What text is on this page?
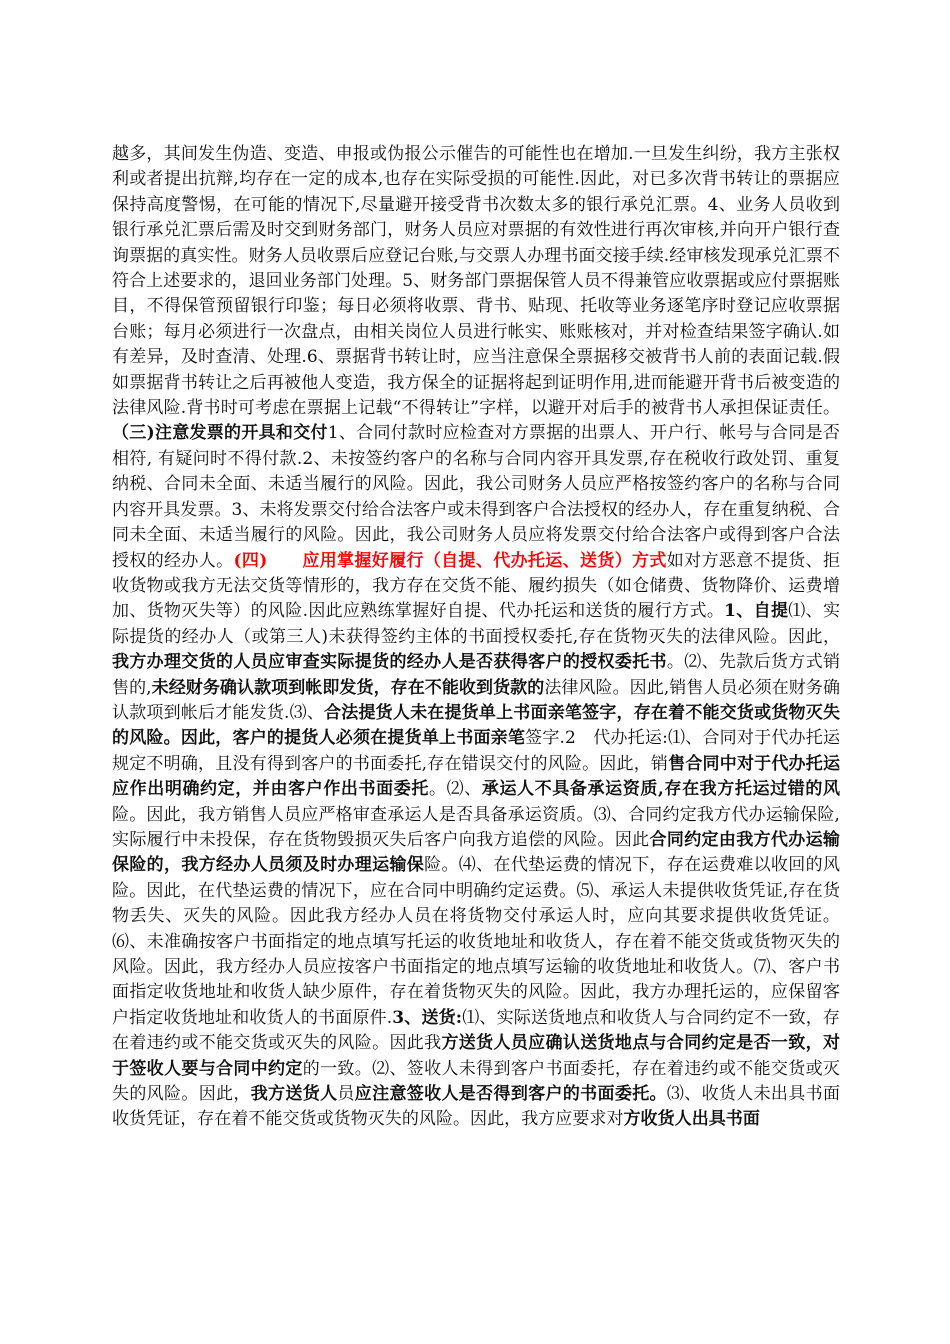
越多，其间发生伪造、变造、申报或伪报公示催告的可能性也在增加.一旦发生纠纷，我方主张权利或者提出抗辩,均存在一定的成本,也存在实际受损的可能性.因此，对已多次背书转让的票据应保持高度警惕，在可能的情况下,尽量避开接受背书次数太多的银行承兑汇票。4、业务人员收到银行承兑汇票后需及时交到财务部门，财务人员应对票据的有效性进行再次审核,并向开户银行查询票据的真实性。财务人员收票后应登记台账,与交票人办理书面交接手续.经审核发现承兑汇票不符合上述要求的，退回业务部门处理。5、财务部门票据保管人员不得兼管应收票据或应付票据账目，不得保管预留银行印鉴；每日必须将收票、背书、贴现、托收等业务逐笔序时登记应收票据台账；每月必须进行一次盘点，由相关岗位人员进行帐实、账账核对，并对检查结果签字确认.如有差异，及时查清、处理.6、票据背书转让时，应当注意保全票据移交被背书人前的表面记载.假如票据背书转让之后再被他人变造，我方保全的证据将起到证明作用,进而能避开背书后被变造的法律风险.背书时可考虑在票据上记载“不得转让”字样，以避开对后手的被背书人承担保证责任。（三)注意发票的开具和交付1、合同付款时应检查对方票据的出票人、开户行、帐号与合同是否相符, 有疑问时不得付款.2、未按签约客户的名称与合同内容开具发票,存在税收行政处罚、重复纳税、合同未全面、未适当履行的风险。因此，我公司财务人员应严格按签约客户的名称与合同内容开具发票。3、未将发票交付给合法客户或未得到客户合法授权的经办人，存在重复纳税、合同未全面、未适当履行的风险。因此，我公司财务人员应将发票交付给合法客户或得到客户合法授权的经办人。(四)　　应用掌握好履行（自提、代办托运、送货）方式如对方恶意不提货、拒收货物或我方无法交货等情形的，我方存在交货不能、履约损失（如仓储费、货物降价、运费增加、货物灭失等）的风险.因此应熟练掌握好自提、代办托运和送货的履行方式。1、自提⑴、实际提货的经办人（或第三人)未获得签约主体的书面授权委托,存在货物灭失的法律风险。因此，我方办理交货的人员应审查实际提货的经办人是否获得客户的授权委托书。⑵、先款后货方式销售的,未经财务确认款项到帐即发货，存在不能收到货款的法律风险。因此,销售人员必须在财务确认款项到帐后才能发货.⑶、合法提货人未在提货单上书面亲笔签字，存在着不能交货或货物灭失的风险。因此，客户的提货人必须在提货单上书面亲笔签字.2　代办托运:⑴、合同对于代办托运规定不明确，且没有得到客户的书面委托,存在错误交付的风险。因此，销售合同中对于代办托运应作出明确约定，并由客户作出书面委托。⑵、承运人不具备承运资质,存在我方托运过错的风险。因此，我方销售人员应严格审查承运人是否具备承运资质。⑶、合同约定我方代办运输保险,实际履行中未投保，存在货物毁损灭失后客户向我方追偿的风险。因此合同约定由我方代办运输保险的，我方经办人员须及时办理运输保险。⑷、在代垫运费的情况下，存在运费难以收回的风险。因此，在代垫运费的情况下，应在合同中明确约定运费。⑸、承运人未提供收货凭证,存在货物丢失、灭失的风险。因此我方经办人员在将货物交付承运人时，应向其要求提供收货凭证。⑹、未准确按客户书面指定的地点填写托运的收货地址和收货人，存在着不能交货或货物灭失的风险。因此，我方经办人员应按客户书面指定的地点填写运输的收货地址和收货人。⑺、客户书面指定收货地址和收货人缺少原件，存在着货物灭失的风险。因此，我方办理托运的，应保留客户指定收货地址和收货人的书面原件.3、送货:⑴、实际送货地点和收货人与合同约定不一致，存在着违约或不能交货或灭失的风险。因此我方送货人员应确认送货地点与合同约定是否一致，对于签收人要与合同中约定的一致。⑵、签收人未得到客户书面委托，存在着违约或不能交货或灭失的风险。因此，我方送货人员应注意签收人是否得到客户的书面委托。⑶、收货人未出具书面收货凭证，存在着不能交货或货物灭失的风险。因此，我方应要求对方收货人出具书面
